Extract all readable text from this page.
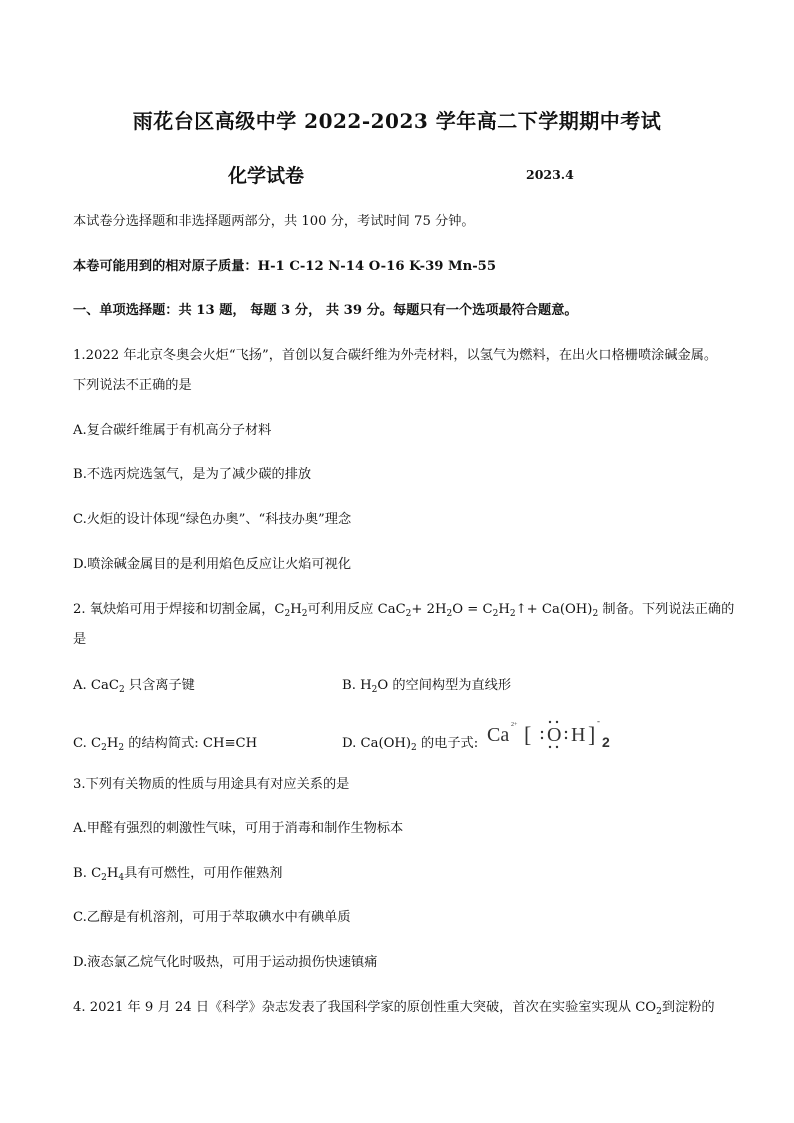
雨花台区高级中学 2022-2023 学年高二下学期期中考试
化学试卷	2023.4
本试卷分选择题和非选择题两部分，共 100 分，考试时间 75 分钟。
本卷可能用到的相对原子质量：H-1 C-12 N-14 O-16 K-39 Mn-55
一、单项选择题：共 13 题， 每题 3 分， 共 39 分。每题只有一个选项最符合题意。
1.2022 年北京冬奥会火炬“飞扬”，首创以复合碳纤维为外壳材料，以氢气为燃料，在出火口格栅喷涂碱金属。
下列说法不正确的是
A.复合碳纤维属于有机高分子材料
B.不选丙烷选氢气，是为了减少碳的排放
C.火炬的设计体现“绿色办奥”、“科技办奥”理念
D.喷涂碱金属目的是利用焰色反应让火焰可视化
2. 氧炔焰可用于焊接和切割金属，$C_2H_2$可利用反应 $CaC_2+ 2H_2O$ = $C_2H_2↑+ Ca(OH)_2$ 制备。下列说法正确的
是
A. CaC$_2$ 只含离子键	B. $H_2O$ 的空间构型为直线形
C. $C_2H_2$ 的结构简式: CH≡CH	D. $Ca(OH)_2$ 的电子式: Ca 2+ [ O H ]
-
2
3.下列有关物质的性质与用途具有对应关系的是
A.甲醛有强烈的刺激性气味，可用于消毒和制作生物标本
B. $C_2H_4$具有可燃性，可用作催熟剂
C.乙醇是有机溶剂，可用于萃取碘水中有碘单质
D.液态氯乙烷气化时吸热，可用于运动损伤快速镇痛
4. 2021 年 9 月 24 日《科学》杂志发表了我国科学家的原创性重大突破，首次在实验室实现从 $CO_2$到淀粉的
